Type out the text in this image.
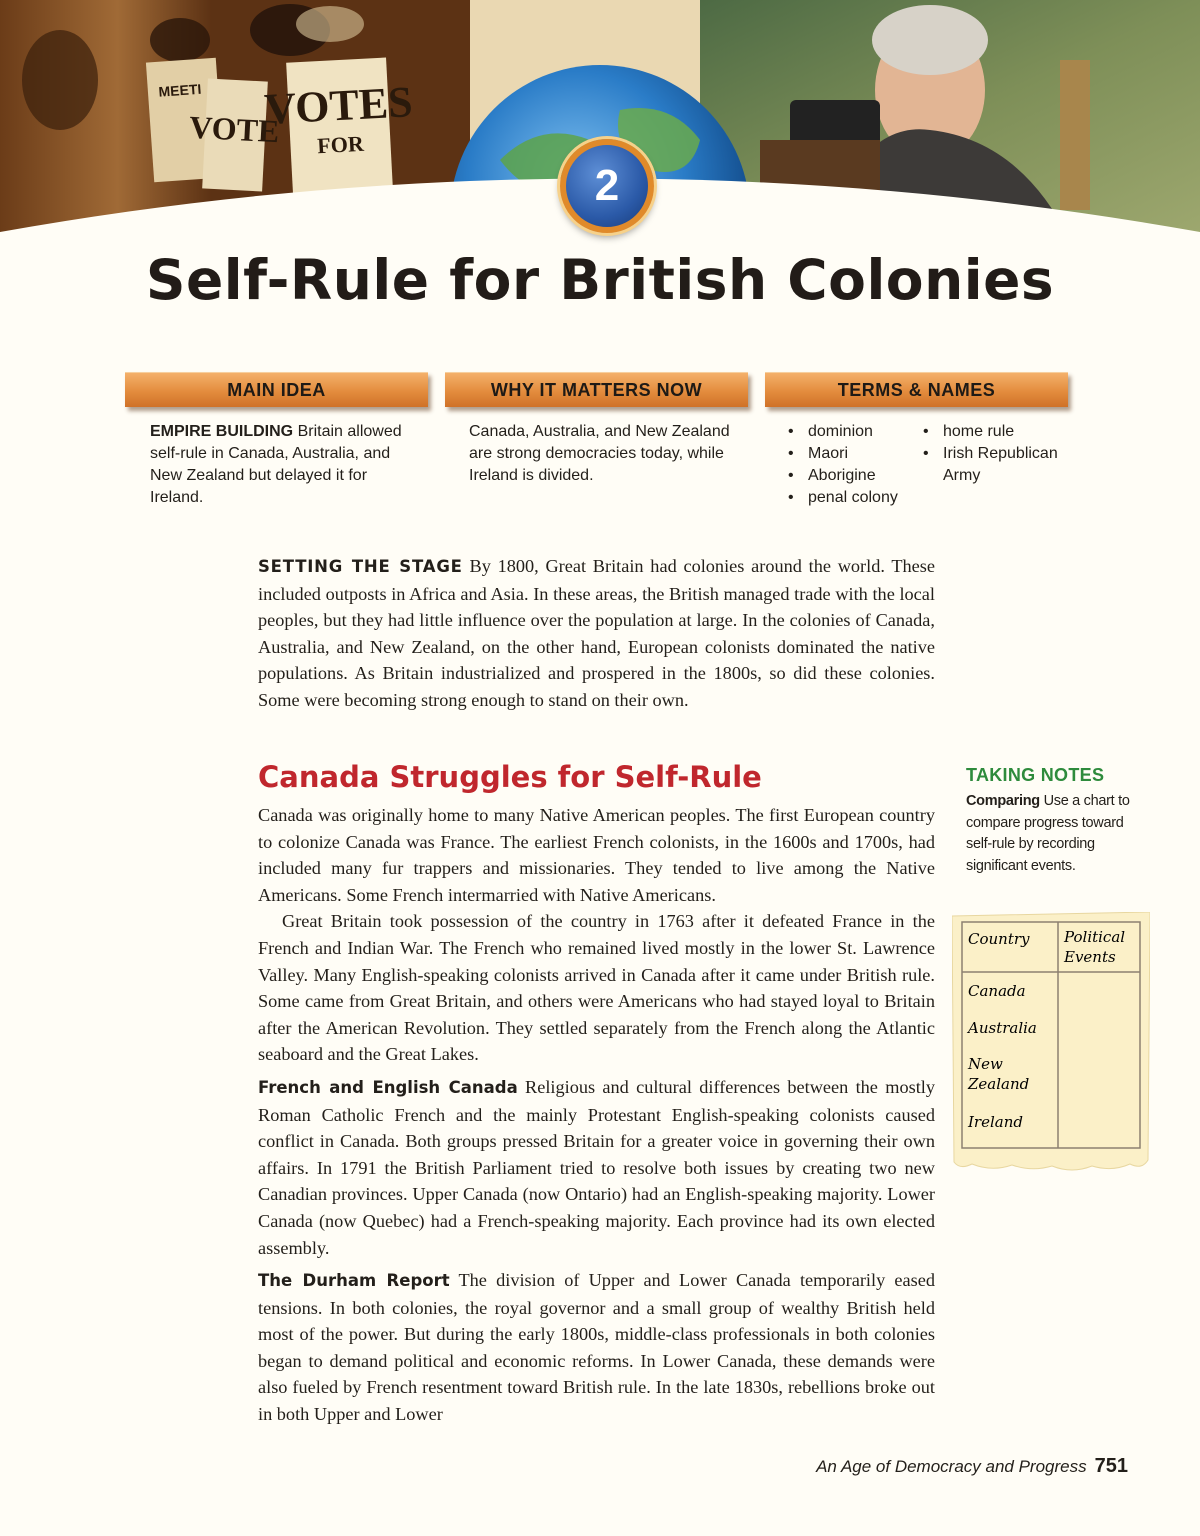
VOTES
FOR
VOTE
MEETI
2
Self-Rule for British Colonies
MAIN IDEA	WHY IT MATTERS NOW	TERMS & NAMES
EMPIRE BUILDING Britain allowed self-rule in Canada, Australia, and New Zealand but delayed it for Ireland.
Canada, Australia, and New Zealand are strong democracies today, while Ireland is divided.
• dominion
• Maori
• Aborigine
• penal colony
• home rule
• Irish Republican Army

SETTING THE STAGE By 1800, Great Britain had colonies around the world. These included outposts in Africa and Asia. In these areas, the British managed trade with the local peoples, but they had little influence over the population at large. In the colonies of Canada, Australia, and New Zealand, on the other hand, European colonists dominated the native populations. As Britain industrialized and prospered in the 1800s, so did these colonies. Some were becoming strong enough to stand on their own.

Canada Struggles for Self-Rule

Canada was originally home to many Native American peoples. The first European country to colonize Canada was France. The earliest French colonists, in the 1600s and 1700s, had included many fur trappers and missionaries. They tended to live among the Native Americans. Some French intermarried with Native Americans.

Great Britain took possession of the country in 1763 after it defeated France in the French and Indian War. The French who remained lived mostly in the lower St. Lawrence Valley. Many English-speaking colonists arrived in Canada after it came under British rule. Some came from Great Britain, and others were Americans who had stayed loyal to Britain after the American Revolution. They settled separately from the French along the Atlantic seaboard and the Great Lakes.

French and English Canada Religious and cultural differences between the mostly Roman Catholic French and the mainly Protestant English-speaking colonists caused conflict in Canada. Both groups pressed Britain for a greater voice in governing their own affairs. In 1791 the British Parliament tried to resolve both issues by creating two new Canadian provinces. Upper Canada (now Ontario) had an English-speaking majority. Lower Canada (now Quebec) had a French-speaking majority. Each province had its own elected assembly.

The Durham Report The division of Upper and Lower Canada temporarily eased tensions. In both colonies, the royal governor and a small group of wealthy British held most of the power. But during the early 1800s, middle-class professionals in both colonies began to demand political and economic reforms. In Lower Canada, these demands were also fueled by French resentment toward British rule. In the late 1830s, rebellions broke out in both Upper and Lower

TAKING NOTES
Comparing Use a chart to compare progress toward self-rule by recording significant events.
Country Political
Events
Canada
Australia
New
Zealand
Ireland
An Age of Democracy and Progress 751
